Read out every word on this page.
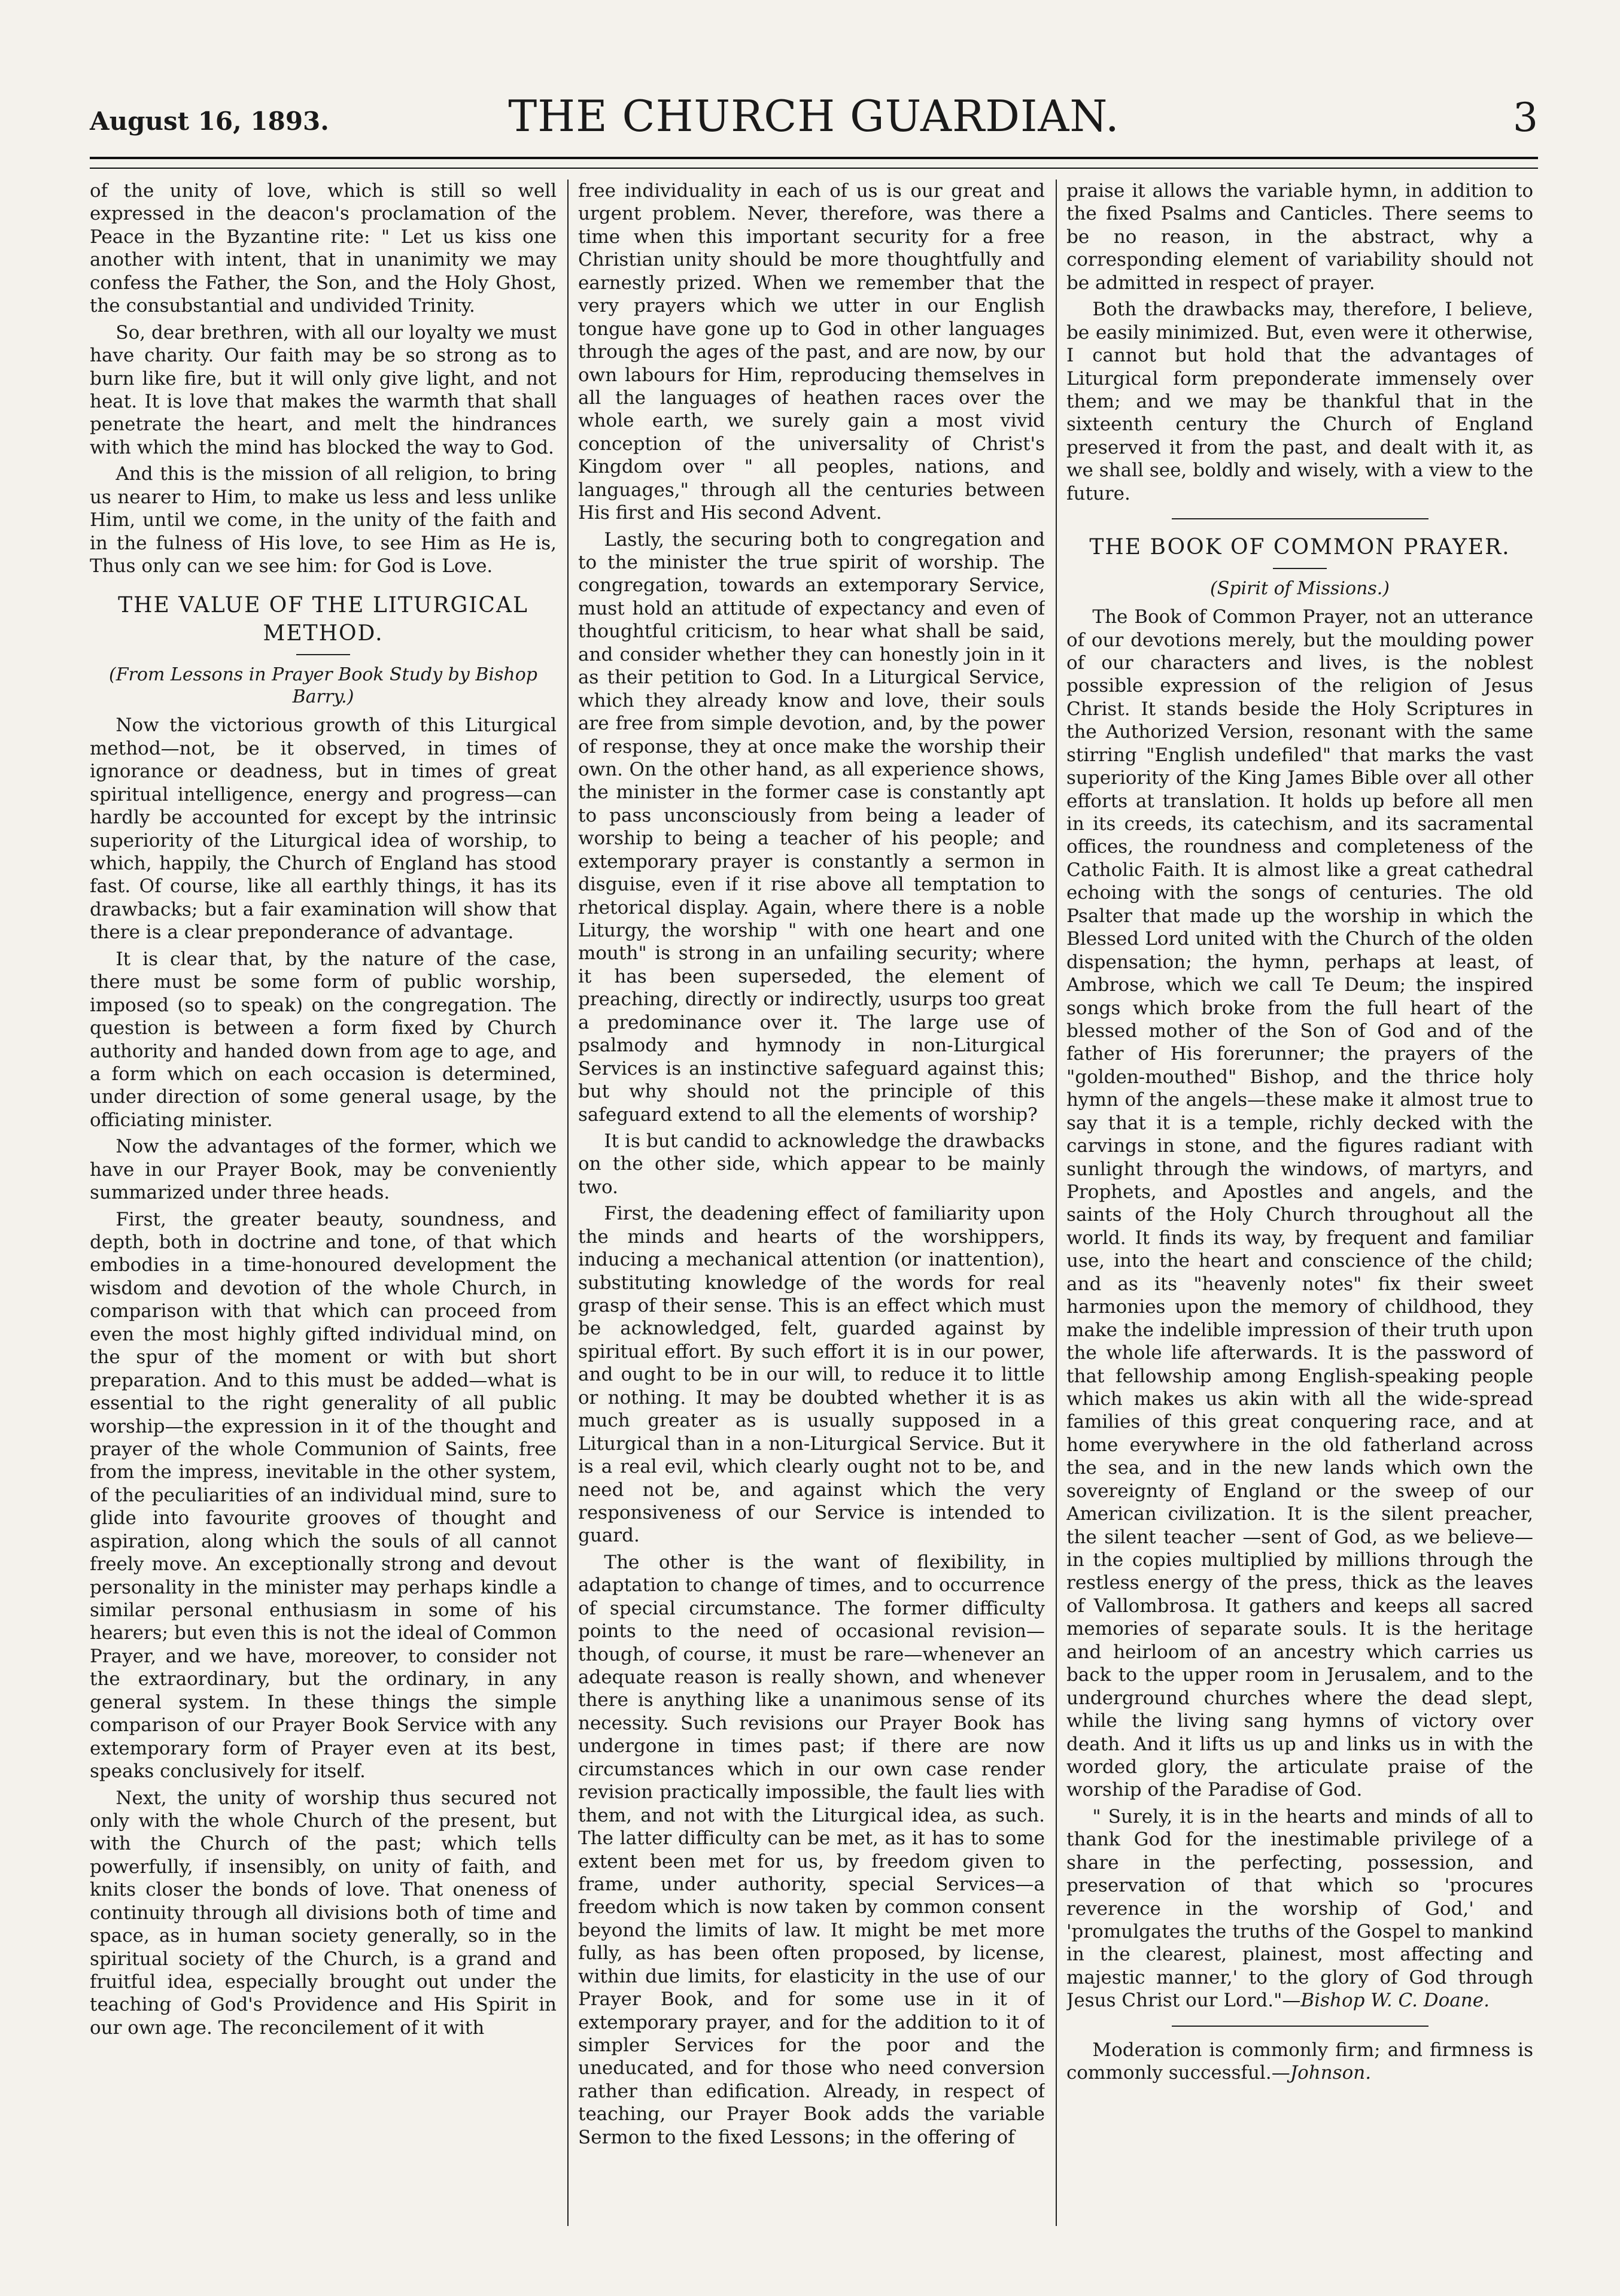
August 16, 1893.	THE CHURCH GUARDIAN.	3

of the unity of love, which is still so well expressed in the deacon's proclamation of the Peace in the Byzantine rite: " Let us kiss one another with intent, that in unanimity we may confess the Father, the Son, and the Holy Ghost, the consubstantial and undivided Trinity.

So, dear brethren, with all our loyalty we must have charity. Our faith may be so strong as to burn like fire, but it will only give light, and not heat. It is love that makes the warmth that shall penetrate the heart, and melt the hindrances with which the mind has blocked the way to God.

And this is the mission of all religion, to bring us nearer to Him, to make us less and less unlike Him, until we come, in the unity of the faith and in the fulness of His love, to see Him as He is, Thus only can we see him: for God is Love.

THE VALUE OF THE LITURGICAL METHOD.
(From Lessons in Prayer Book Study by Bishop Barry.)

Now the victorious growth of this Liturgical method—not, be it observed, in times of ignorance or deadness, but in times of great spiritual intelligence, energy and progress—can hardly be accounted for except by the intrinsic superiority of the Liturgical idea of worship, to which, happily, the Church of England has stood fast. Of course, like all earthly things, it has its drawbacks; but a fair examination will show that there is a clear preponderance of advantage.

It is clear that, by the nature of the case, there must be some form of public worship, imposed (so to speak) on the congregation. The question is between a form fixed by Church authority and handed down from age to age, and a form which on each occasion is determined, under direction of some general usage, by the officiating minister.

Now the advantages of the former, which we have in our Prayer Book, may be conveniently summarized under three heads.

First, the greater beauty, soundness, and depth, both in doctrine and tone, of that which embodies in a time-honoured development the wisdom and devotion of the whole Church, in comparison with that which can proceed from even the most highly gifted individual mind, on the spur of the moment or with but short preparation. And to this must be added—what is essential to the right generality of all public worship—the expression in it of the thought and prayer of the whole Communion of Saints, free from the impress, inevitable in the other system, of the peculiarities of an individual mind, sure to glide into favourite grooves of thought and aspiration, along which the souls of all cannot freely move. An exceptionally strong and devout personality in the minister may perhaps kindle a similar personal enthusiasm in some of his hearers; but even this is not the ideal of Common Prayer, and we have, moreover, to consider not the extraordinary, but the ordinary, in any general system. In these things the simple comparison of our Prayer Book Service with any extemporary form of Prayer even at its best, speaks conclusively for itself.

Next, the unity of worship thus secured not only with the whole Church of the present, but with the Church of the past; which tells powerfully, if insensibly, on unity of faith, and knits closer the bonds of love. That oneness of continuity through all divisions both of time and space, as in human society generally, so in the spiritual society of the Church, is a grand and fruitful idea, especially brought out under the teaching of God's Providence and His Spirit in our own age. The reconcilement of it with

free individuality in each of us is our great and urgent problem. Never, therefore, was there a time when this important security for a free Christian unity should be more thoughtfully and earnestly prized. When we remember that the very prayers which we utter in our English tongue have gone up to God in other languages through the ages of the past, and are now, by our own labours for Him, reproducing themselves in all the languages of heathen races over the whole earth, we surely gain a most vivid conception of the universality of Christ's Kingdom over " all peoples, nations, and languages," through all the centuries between His first and His second Advent.

Lastly, the securing both to congregation and to the minister the true spirit of worship. The congregation, towards an extemporary Service, must hold an attitude of expectancy and even of thoughtful criticism, to hear what shall be said, and consider whether they can honestly join in it as their petition to God. In a Liturgical Service, which they already know and love, their souls are free from simple devotion, and, by the power of response, they at once make the worship their own. On the other hand, as all experience shows, the minister in the former case is constantly apt to pass unconsciously from being a leader of worship to being a teacher of his people; and extemporary prayer is constantly a sermon in disguise, even if it rise above all temptation to rhetorical display. Again, where there is a noble Liturgy, the worship " with one heart and one mouth" is strong in an unfailing security; where it has been superseded, the element of preaching, directly or indirectly, usurps too great a predominance over it. The large use of psalmody and hymnody in non-Liturgical Services is an instinctive safeguard against this; but why should not the principle of this safeguard extend to all the elements of worship?

It is but candid to acknowledge the drawbacks on the other side, which appear to be mainly two.

First, the deadening effect of familiarity upon the minds and hearts of the worshippers, inducing a mechanical attention (or inattention), substituting knowledge of the words for real grasp of their sense. This is an effect which must be acknowledged, felt, guarded against by spiritual effort. By such effort it is in our power, and ought to be in our will, to reduce it to little or nothing. It may be doubted whether it is as much greater as is usually supposed in a Liturgical than in a non-Liturgical Service. But it is a real evil, which clearly ought not to be, and need not be, and against which the very responsiveness of our Service is intended to guard.

The other is the want of flexibility, in adaptation to change of times, and to occurrence of special circumstance. The former difficulty points to the need of occasional revision—though, of course, it must be rare—whenever an adequate reason is really shown, and whenever there is anything like a unanimous sense of its necessity. Such revisions our Prayer Book has undergone in times past; if there are now circumstances which in our own case render revision practically impossible, the fault lies with them, and not with the Liturgical idea, as such. The latter difficulty can be met, as it has to some extent been met for us, by freedom given to frame, under authority, special Services—a freedom which is now taken by common consent beyond the limits of law. It might be met more fully, as has been often proposed, by license, within due limits, for elasticity in the use of our Prayer Book, and for some use in it of extemporary prayer, and for the addition to it of simpler Services for the poor and the uneducated, and for those who need conversion rather than edification. Already, in respect of teaching, our Prayer Book adds the variable Sermon to the fixed Lessons; in the offering of

praise it allows the variable hymn, in addition to the fixed Psalms and Canticles. There seems to be no reason, in the abstract, why a corresponding element of variability should not be admitted in respect of prayer.

Both the drawbacks may, therefore, I believe, be easily minimized. But, even were it otherwise, I cannot but hold that the advantages of Liturgical form preponderate immensely over them; and we may be thankful that in the sixteenth century the Church of England preserved it from the past, and dealt with it, as we shall see, boldly and wisely, with a view to the future.

THE BOOK OF COMMON PRAYER.
(Spirit of Missions.)

The Book of Common Prayer, not an utterance of our devotions merely, but the moulding power of our characters and lives, is the noblest possible expression of the religion of Jesus Christ. It stands beside the Holy Scriptures in the Authorized Version, resonant with the same stirring "English undefiled" that marks the vast superiority of the King James Bible over all other efforts at translation. It holds up before all men in its creeds, its catechism, and its sacramental offices, the roundness and completeness of the Catholic Faith. It is almost like a great cathedral echoing with the songs of centuries. The old Psalter that made up the worship in which the Blessed Lord united with the Church of the olden dispensation; the hymn, perhaps at least, of Ambrose, which we call Te Deum; the inspired songs which broke from the full heart of the blessed mother of the Son of God and of the father of His forerunner; the prayers of the "golden-mouthed" Bishop, and the thrice holy hymn of the angels—these make it almost true to say that it is a temple, richly decked with the carvings in stone, and the figures radiant with sunlight through the windows, of martyrs, and Prophets, and Apostles and angels, and the saints of the Holy Church throughout all the world. It finds its way, by frequent and familiar use, into the heart and conscience of the child; and as its "heavenly notes" fix their sweet harmonies upon the memory of childhood, they make the indelible impression of their truth upon the whole life afterwards. It is the password of that fellowship among English-speaking people which makes us akin with all the wide-spread families of this great conquering race, and at home everywhere in the old fatherland across the sea, and in the new lands which own the sovereignty of England or the sweep of our American civilization. It is the silent preacher, the silent teacher —sent of God, as we believe—in the copies multiplied by millions through the restless energy of the press, thick as the leaves of Vallombrosa. It gathers and keeps all sacred memories of separate souls. It is the heritage and heirloom of an ancestry which carries us back to the upper room in Jerusalem, and to the underground churches where the dead slept, while the living sang hymns of victory over death. And it lifts us up and links us in with the worded glory, the articulate praise of the worship of the Paradise of God.

" Surely, it is in the hearts and minds of all to thank God for the inestimable privilege of a share in the perfecting, possession, and preservation of that which so 'procures reverence in the worship of God,' and 'promulgates the truths of the Gospel to mankind in the clearest, plainest, most affecting and majestic manner,' to the glory of God through Jesus Christ our Lord."—Bishop W. C. Doane.

Moderation is commonly firm; and firmness is commonly successful.—Johnson.
